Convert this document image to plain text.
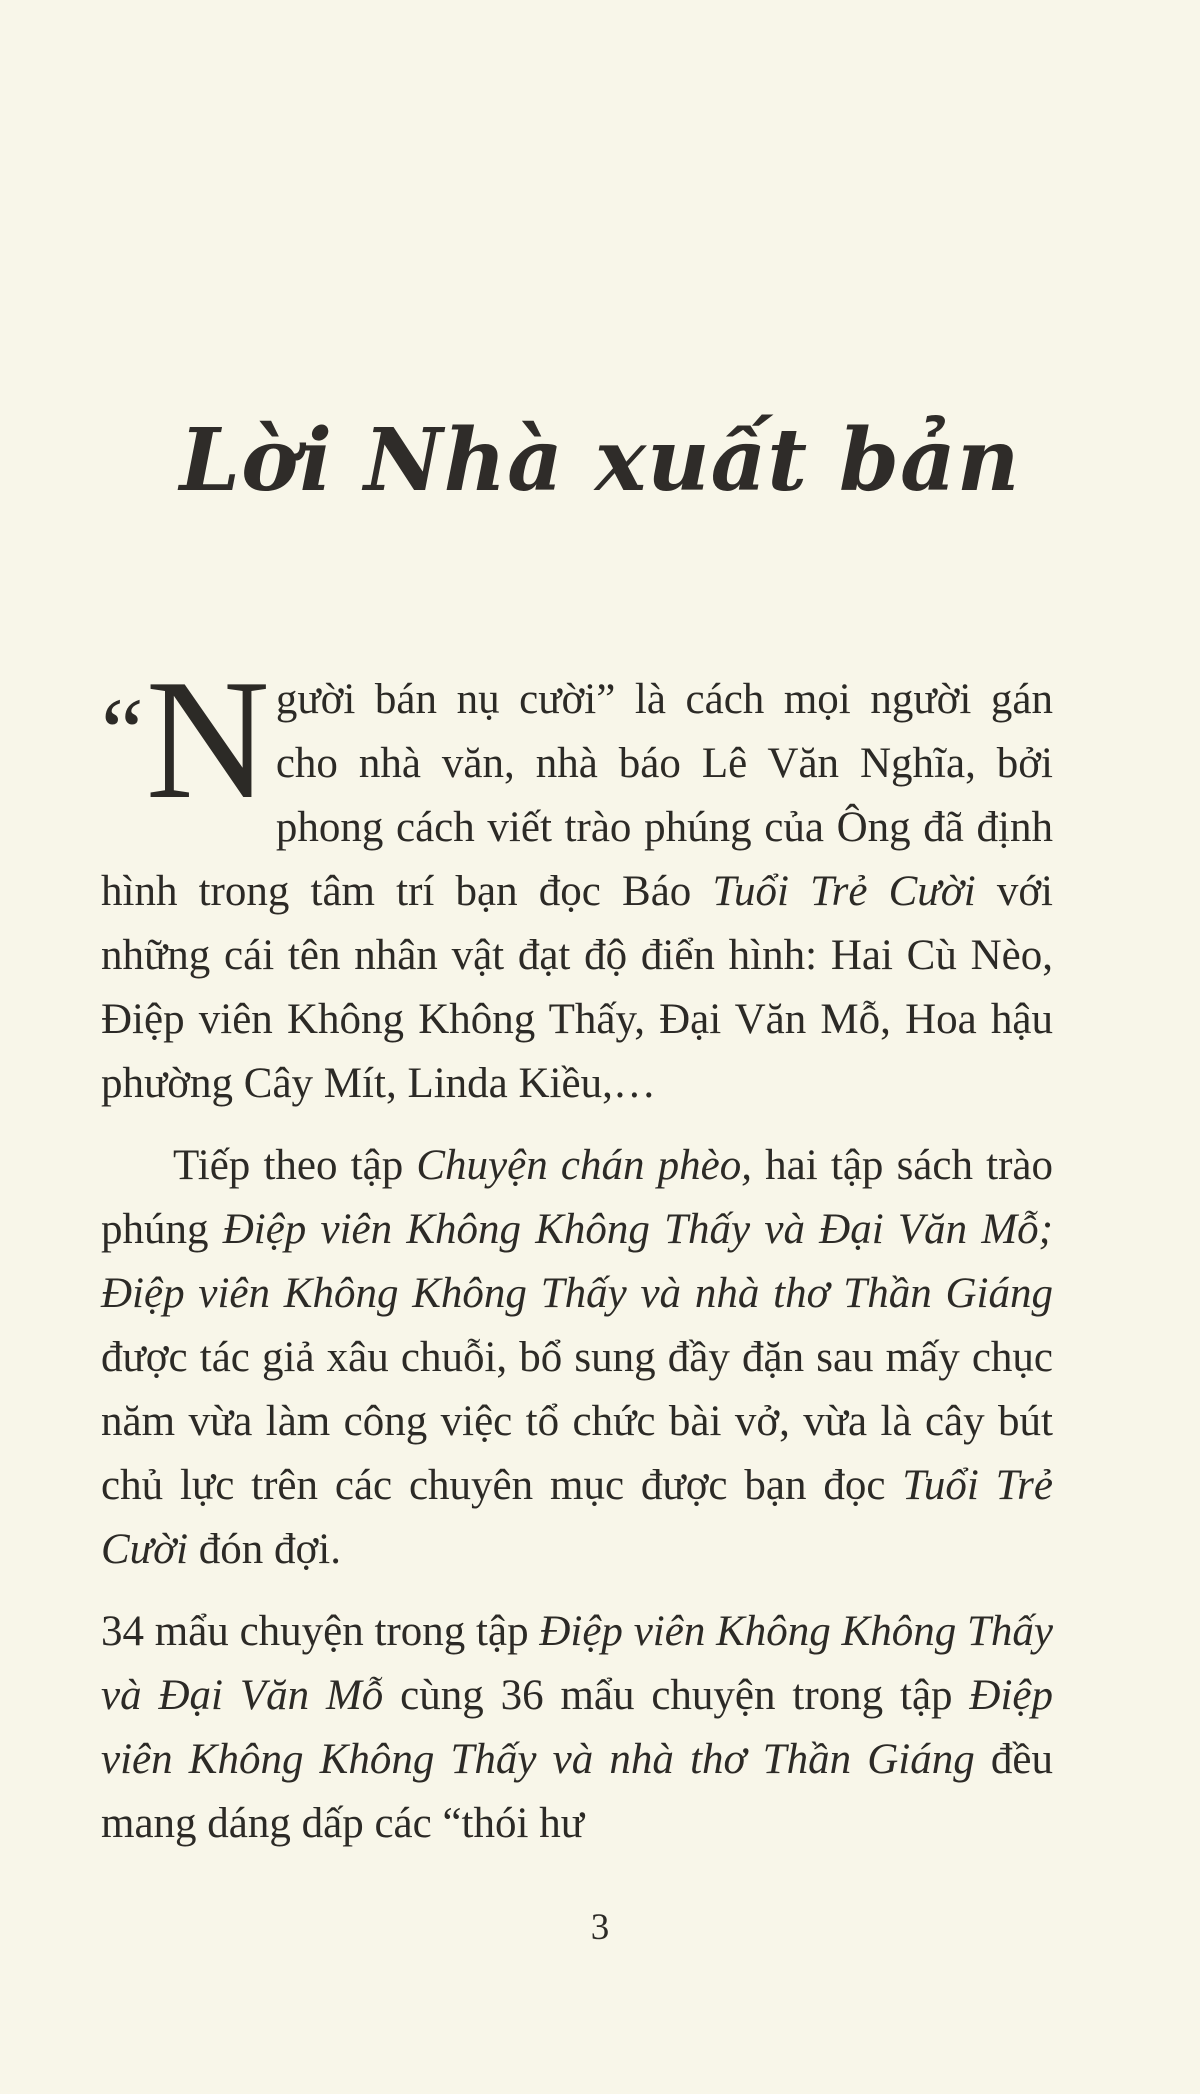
Lời Nhà xuất bản

“N gười bán nụ cười” là cách mọi người gán cho nhà văn, nhà báo Lê Văn Nghĩa, bởi phong cách viết trào phúng của Ông đã định hình trong tâm trí bạn đọc Báo Tuổi Trẻ Cười với những cái tên nhân vật đạt độ điển hình: Hai Cù Nèo, Điệp viên Không Không Thấy, Đại Văn Mỗ, Hoa hậu phường Cây Mít, Linda Kiều,…

Tiếp theo tập Chuyện chán phèo, hai tập sách trào phúng Điệp viên Không Không Thấy và Đại Văn Mỗ; Điệp viên Không Không Thấy và nhà thơ Thần Giáng được tác giả xâu chuỗi, bổ sung đầy đặn sau mấy chục năm vừa làm công việc tổ chức bài vở, vừa là cây bút chủ lực trên các chuyên mục được bạn đọc Tuổi Trẻ Cười đón đợi.

34 mẩu chuyện trong tập Điệp viên Không Không Thấy và Đại Văn Mỗ cùng 36 mẩu chuyện trong tập Điệp viên Không Không Thấy và nhà thơ Thần Giáng đều mang dáng dấp các “thói hư

3
